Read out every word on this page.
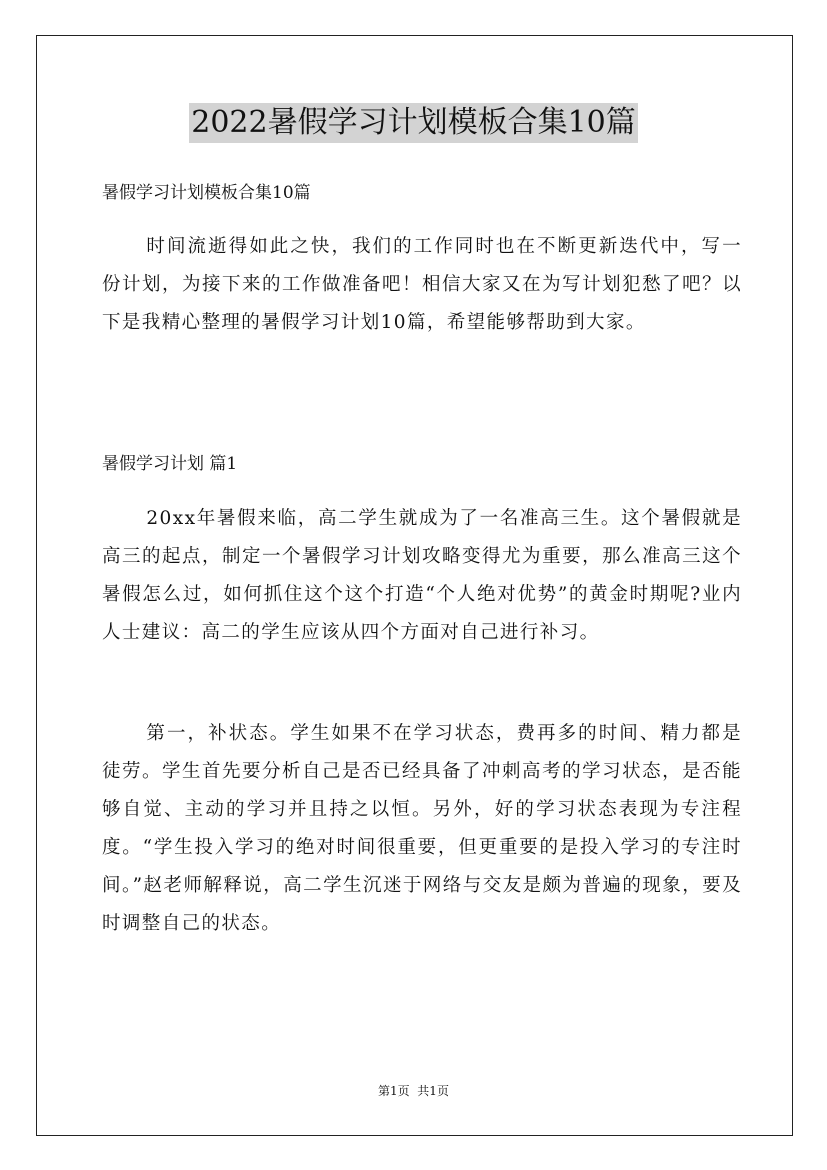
2022暑假学习计划模板合集10篇
暑假学习计划模板合集10篇

时间流逝得如此之快，我们的工作同时也在不断更新迭代中，写一份计划，为接下来的工作做准备吧！相信大家又在为写计划犯愁了吧？以下是我精心整理的暑假学习计划10篇，希望能够帮助到大家。

暑假学习计划 篇1

20xx年暑假来临，高二学生就成为了一名准高三生。这个暑假就是高三的起点，制定一个暑假学习计划攻略变得尤为重要，那么准高三这个暑假怎么过，如何抓住这个这个打造“个人绝对优势”的黄金时期呢?业内人士建议：高二的学生应该从四个方面对自己进行补习。

第一，补状态。学生如果不在学习状态，费再多的时间、精力都是徒劳。学生首先要分析自己是否已经具备了冲刺高考的学习状态，是否能够自觉、主动的学习并且持之以恒。另外，好的学习状态表现为专注程度。“学生投入学习的绝对时间很重要，但更重要的是投入学习的专注时间。”赵老师解释说，高二学生沉迷于网络与交友是颇为普遍的现象，要及时调整自己的状态。

第1页  共1页
